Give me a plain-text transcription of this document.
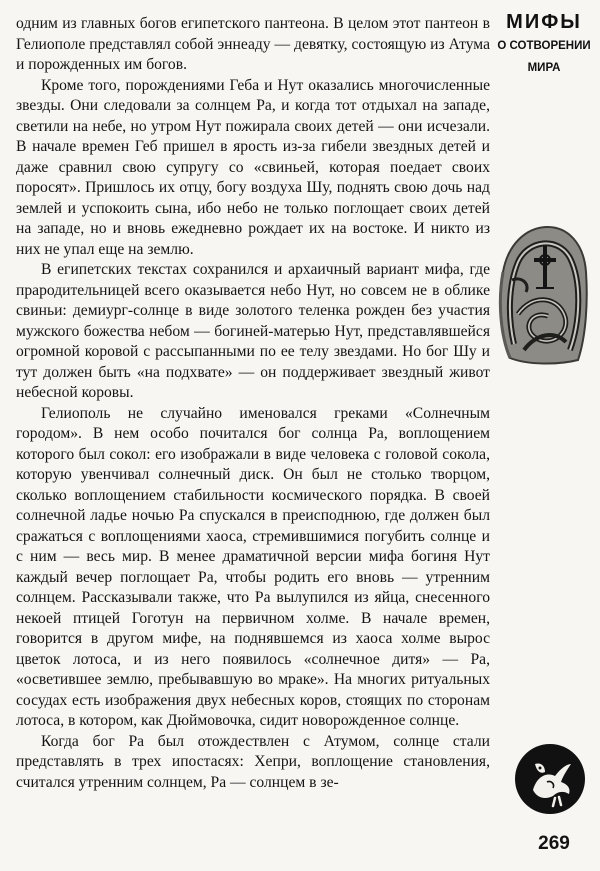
одним из главных богов египетского пантеона. В целом этот пантеон в Гелиополе представлял собой эннеаду — девятку, состоящую из Атума и порожденных им богов.

Кроме того, порождениями Геба и Нут оказались многочисленные звезды. Они следовали за солнцем Ра, и когда тот отдыхал на западе, светили на небе, но утром Нут пожирала своих детей — они исчезали. В начале времен Геб пришел в ярость из-за гибели звездных детей и даже сравнил свою супругу со «свиньей, которая поедает своих поросят». Пришлось их отцу, богу воздуха Шу, поднять свою дочь над землей и успокоить сына, ибо небо не только поглощает своих детей на западе, но и вновь ежедневно рождает их на востоке. И никто из них не упал еще на землю.

В египетских текстах сохранился и архаичный вариант мифа, где прародительницей всего оказывается небо Нут, но совсем не в облике свиньи: демиург-солнце в виде золотого теленка рожден без участия мужского божества небом — богиней-матерью Нут, представлявшейся огромной коровой с рассыпанными по ее телу звездами. Но бог Шу и тут должен быть «на подхвате» — он поддерживает звездный живот небесной коровы.

Гелиополь не случайно именовался греками «Солнечным городом». В нем особо почитался бог солнца Ра, воплощением которого был сокол: его изображали в виде человека с головой сокола, которую увенчивал солнечный диск. Он был не столько творцом, сколько воплощением стабильности космического порядка. В своей солнечной ладье ночью Ра спускался в преисподнюю, где должен был сражаться с воплощениями хаоса, стремившимися погубить солнце и с ним — весь мир. В менее драматичной версии мифа богиня Нут каждый вечер поглощает Ра, чтобы родить его вновь — утренним солнцем. Рассказывали также, что Ра вылупился из яйца, снесенного некоей птицей Гоготун на первичном холме. В начале времен, говорится в другом мифе, на поднявшемся из хаоса холме вырос цветок лотоса, и из него появилось «солнечное дитя» — Ра, «осветившее землю, пребывавшую во мраке». На многих ритуальных сосудах есть изображения двух небесных коров, стоящих по сторонам лотоса, в котором, как Дюймовочка, сидит новорожденное солнце.

Когда бог Ра был отождествлен с Атумом, солнце стали представлять в трех ипостасях: Хепри, воплощение становления, считался утренним солнцем, Ра — солнцем в зе-

МИФЫ
О СОТВОРЕНИИ
МИРА
269
